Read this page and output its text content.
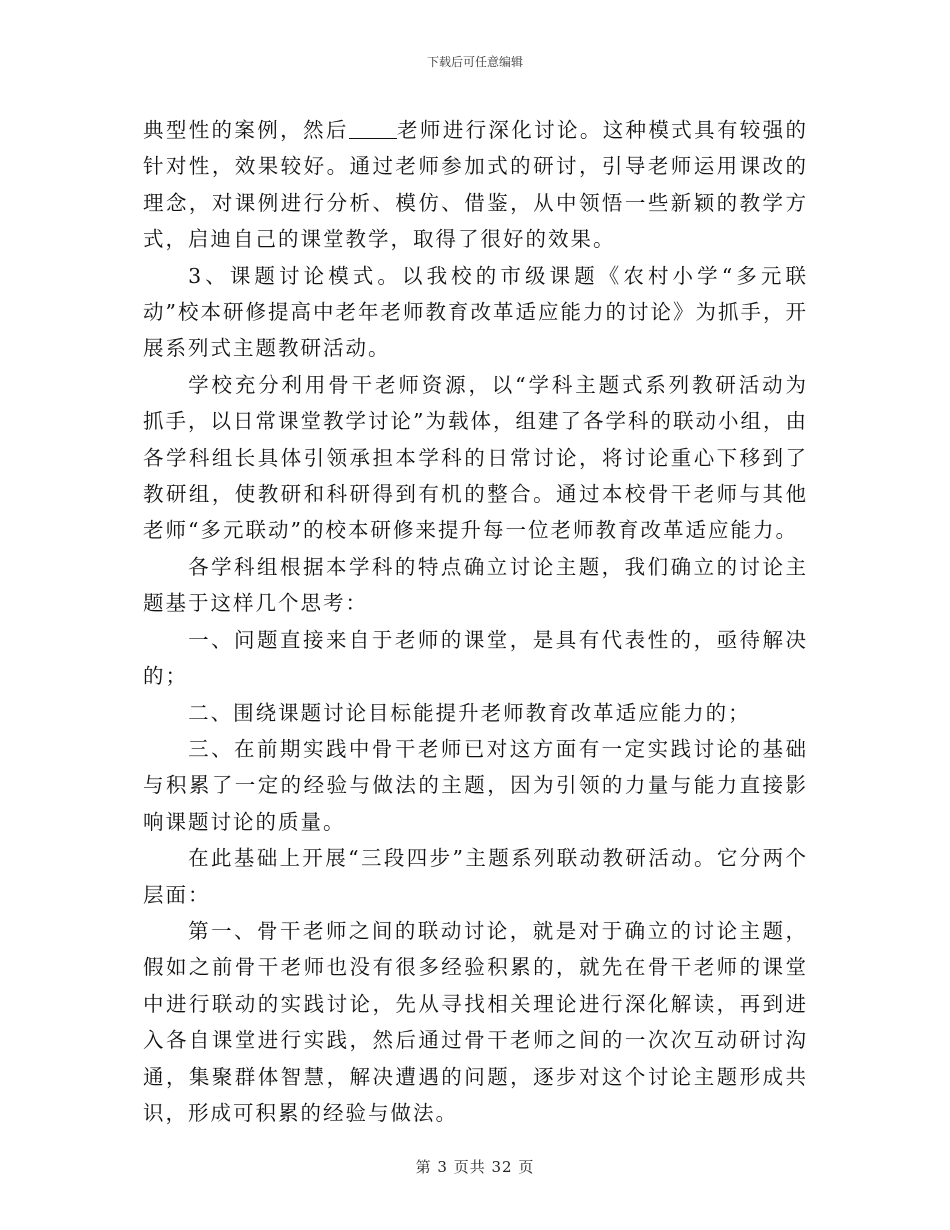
下载后可任意编辑

典型性的案例，然后 老师进行深化讨论。这种模式具有较强的针对性，效果较好。通过老师参加式的研讨，引导老师运用课改的理念，对课例进行分析、模仿、借鉴，从中领悟一些新颖的教学方式，启迪自己的课堂教学，取得了很好的效果。

3、课题讨论模式。以我校的市级课题《农村小学“多元联动”校本研修提高中老年老师教育改革适应能力的讨论》为抓手，开展系列式主题教研活动。

学校充分利用骨干老师资源，以“学科主题式系列教研活动为抓手，以日常课堂教学讨论”为载体，组建了各学科的联动小组，由各学科组长具体引领承担本学科的日常讨论，将讨论重心下移到了教研组，使教研和科研得到有机的整合。通过本校骨干老师与其他老师“多元联动”的校本研修来提升每一位老师教育改革适应能力。

各学科组根据本学科的特点确立讨论主题，我们确立的讨论主题基于这样几个思考：

一、问题直接来自于老师的课堂，是具有代表性的，亟待解决的；

二、围绕课题讨论目标能提升老师教育改革适应能力的；

三、在前期实践中骨干老师已对这方面有一定实践讨论的基础与积累了一定的经验与做法的主题，因为引领的力量与能力直接影响课题讨论的质量。

在此基础上开展“三段四步”主题系列联动教研活动。它分两个层面：

第一、骨干老师之间的联动讨论，就是对于确立的讨论主题，假如之前骨干老师也没有很多经验积累的，就先在骨干老师的课堂中进行联动的实践讨论，先从寻找相关理论进行深化解读，再到进入各自课堂进行实践，然后通过骨干老师之间的一次次互动研讨沟通，集聚群体智慧，解决遭遇的问题，逐步对这个讨论主题形成共识，形成可积累的经验与做法。

第 3 页共 32 页
